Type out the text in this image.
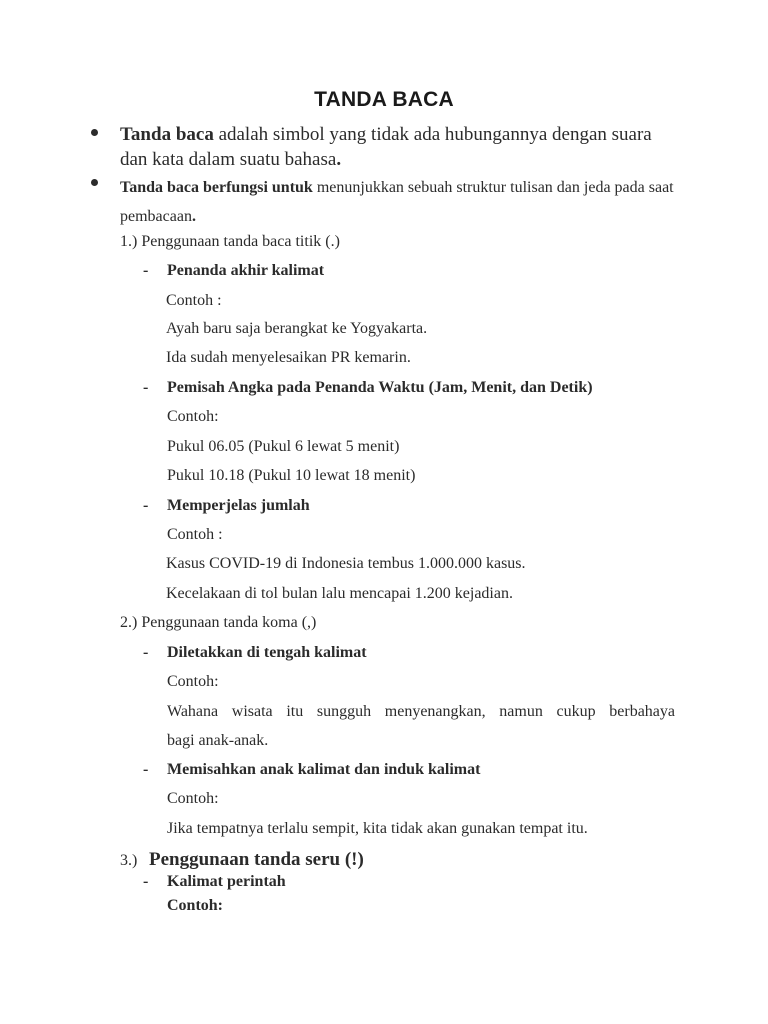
TANDA BACA
Tanda baca adalah simbol yang tidak ada hubungannya dengan suara dan kata dalam suatu bahasa.
Tanda baca berfungsi untuk menunjukkan sebuah struktur tulisan dan jeda pada saat pembacaan.
1.) Penggunaan tanda baca titik (.)
- Penanda akhir kalimat
Contoh :
Ayah baru saja berangkat ke Yogyakarta.
Ida sudah menyelesaikan PR kemarin.
- Pemisah Angka pada Penanda Waktu (Jam, Menit, dan Detik)
Contoh:
Pukul 06.05 (Pukul 6 lewat 5 menit)
Pukul 10.18 (Pukul 10 lewat 18 menit)
- Memperjelas jumlah
Contoh :
Kasus COVID-19 di Indonesia tembus 1.000.000 kasus.
Kecelakaan di tol bulan lalu mencapai 1.200 kejadian.
2.) Penggunaan tanda koma (,)
- Diletakkan di tengah kalimat
Contoh:
Wahana wisata itu sungguh menyenangkan, namun cukup berbahaya
bagi anak-anak.
- Memisahkan anak kalimat dan induk kalimat
Contoh:
Jika tempatnya terlalu sempit, kita tidak akan gunakan tempat itu.
3.) Penggunaan tanda seru (!)
- Kalimat perintah
Contoh:
